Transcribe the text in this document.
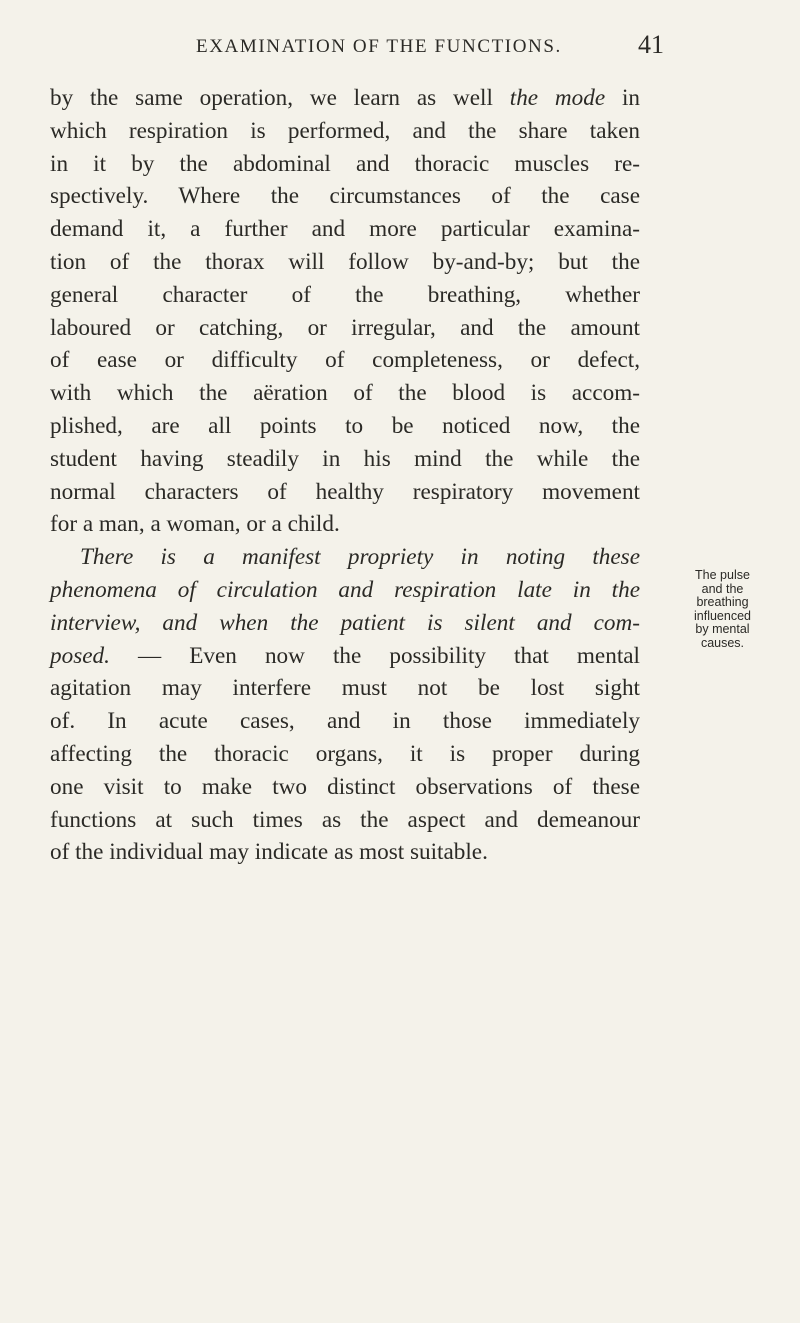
EXAMINATION OF THE FUNCTIONS.	41
by the same operation, we learn as well the mode in
which respiration is performed, and the share taken
in it by the abdominal and thoracic muscles re-
spectively. Where the circumstances of the case
demand it, a further and more particular examina-
tion of the thorax will follow by-and-by; but the
general character of the breathing, whether
laboured or catching, or irregular, and the amount
of ease or difficulty of completeness, or defect,
with which the aëration of the blood is accom-
plished, are all points to be noticed now, the
student having steadily in his mind the while the
normal characters of healthy respiratory movement
for a man, a woman, or a child.
There is a manifest propriety in noting these
phenomena of circulation and respiration late in the
interview, and when the patient is silent and com-
posed. — Even now the possibility that mental
agitation may interfere must not be lost sight
of. In acute cases, and in those immediately
affecting the thoracic organs, it is proper during
one visit to make two distinct observations of these
functions at such times as the aspect and demeanour
of the individual may indicate as most suitable.
The pulse
and the
breathing
influenced
by mental
causes.
